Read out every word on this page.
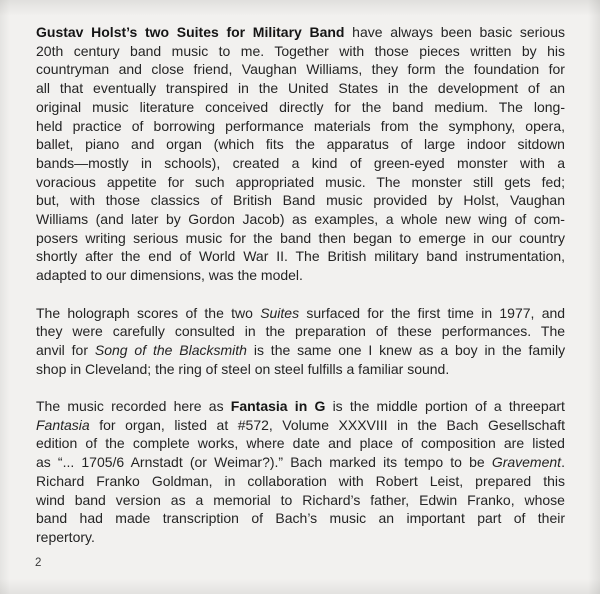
Gustav Holst’s two Suites for Military Band have always been basic serious
20th century band music to me. Together with those pieces written by his
countryman and close friend, Vaughan Williams, they form the foundation for
all that eventually transpired in the United States in the development of an
original music literature conceived directly for the band medium. The long-
held practice of borrowing performance materials from the symphony, opera,
ballet, piano and organ (which fits the apparatus of large indoor sitdown
bands—mostly in schools), created a kind of green-eyed monster with a
voracious appetite for such appropriated music. The monster still gets fed;
but, with those classics of British Band music provided by Holst, Vaughan
Williams (and later by Gordon Jacob) as examples, a whole new wing of com-
posers writing serious music for the band then began to emerge in our country
shortly after the end of World War II. The British military band instrumentation,
adapted to our dimensions, was the model.
The holograph scores of the two Suites surfaced for the first time in 1977, and
they were carefully consulted in the preparation of these performances. The
anvil for Song of the Blacksmith is the same one I knew as a boy in the family
shop in Cleveland; the ring of steel on steel fulfills a familiar sound.
The music recorded here as Fantasia in G is the middle portion of a threepart
Fantasia for organ, listed at #572, Volume XXXVIII in the Bach Gesellschaft
edition of the complete works, where date and place of composition are listed
as “... 1705/6 Arnstadt (or Weimar?).” Bach marked its tempo to be Gravement.
Richard Franko Goldman, in collaboration with Robert Leist, prepared this
wind band version as a memorial to Richard’s father, Edwin Franko, whose
band had made transcription of Bach’s music an important part of their
repertory.
2
